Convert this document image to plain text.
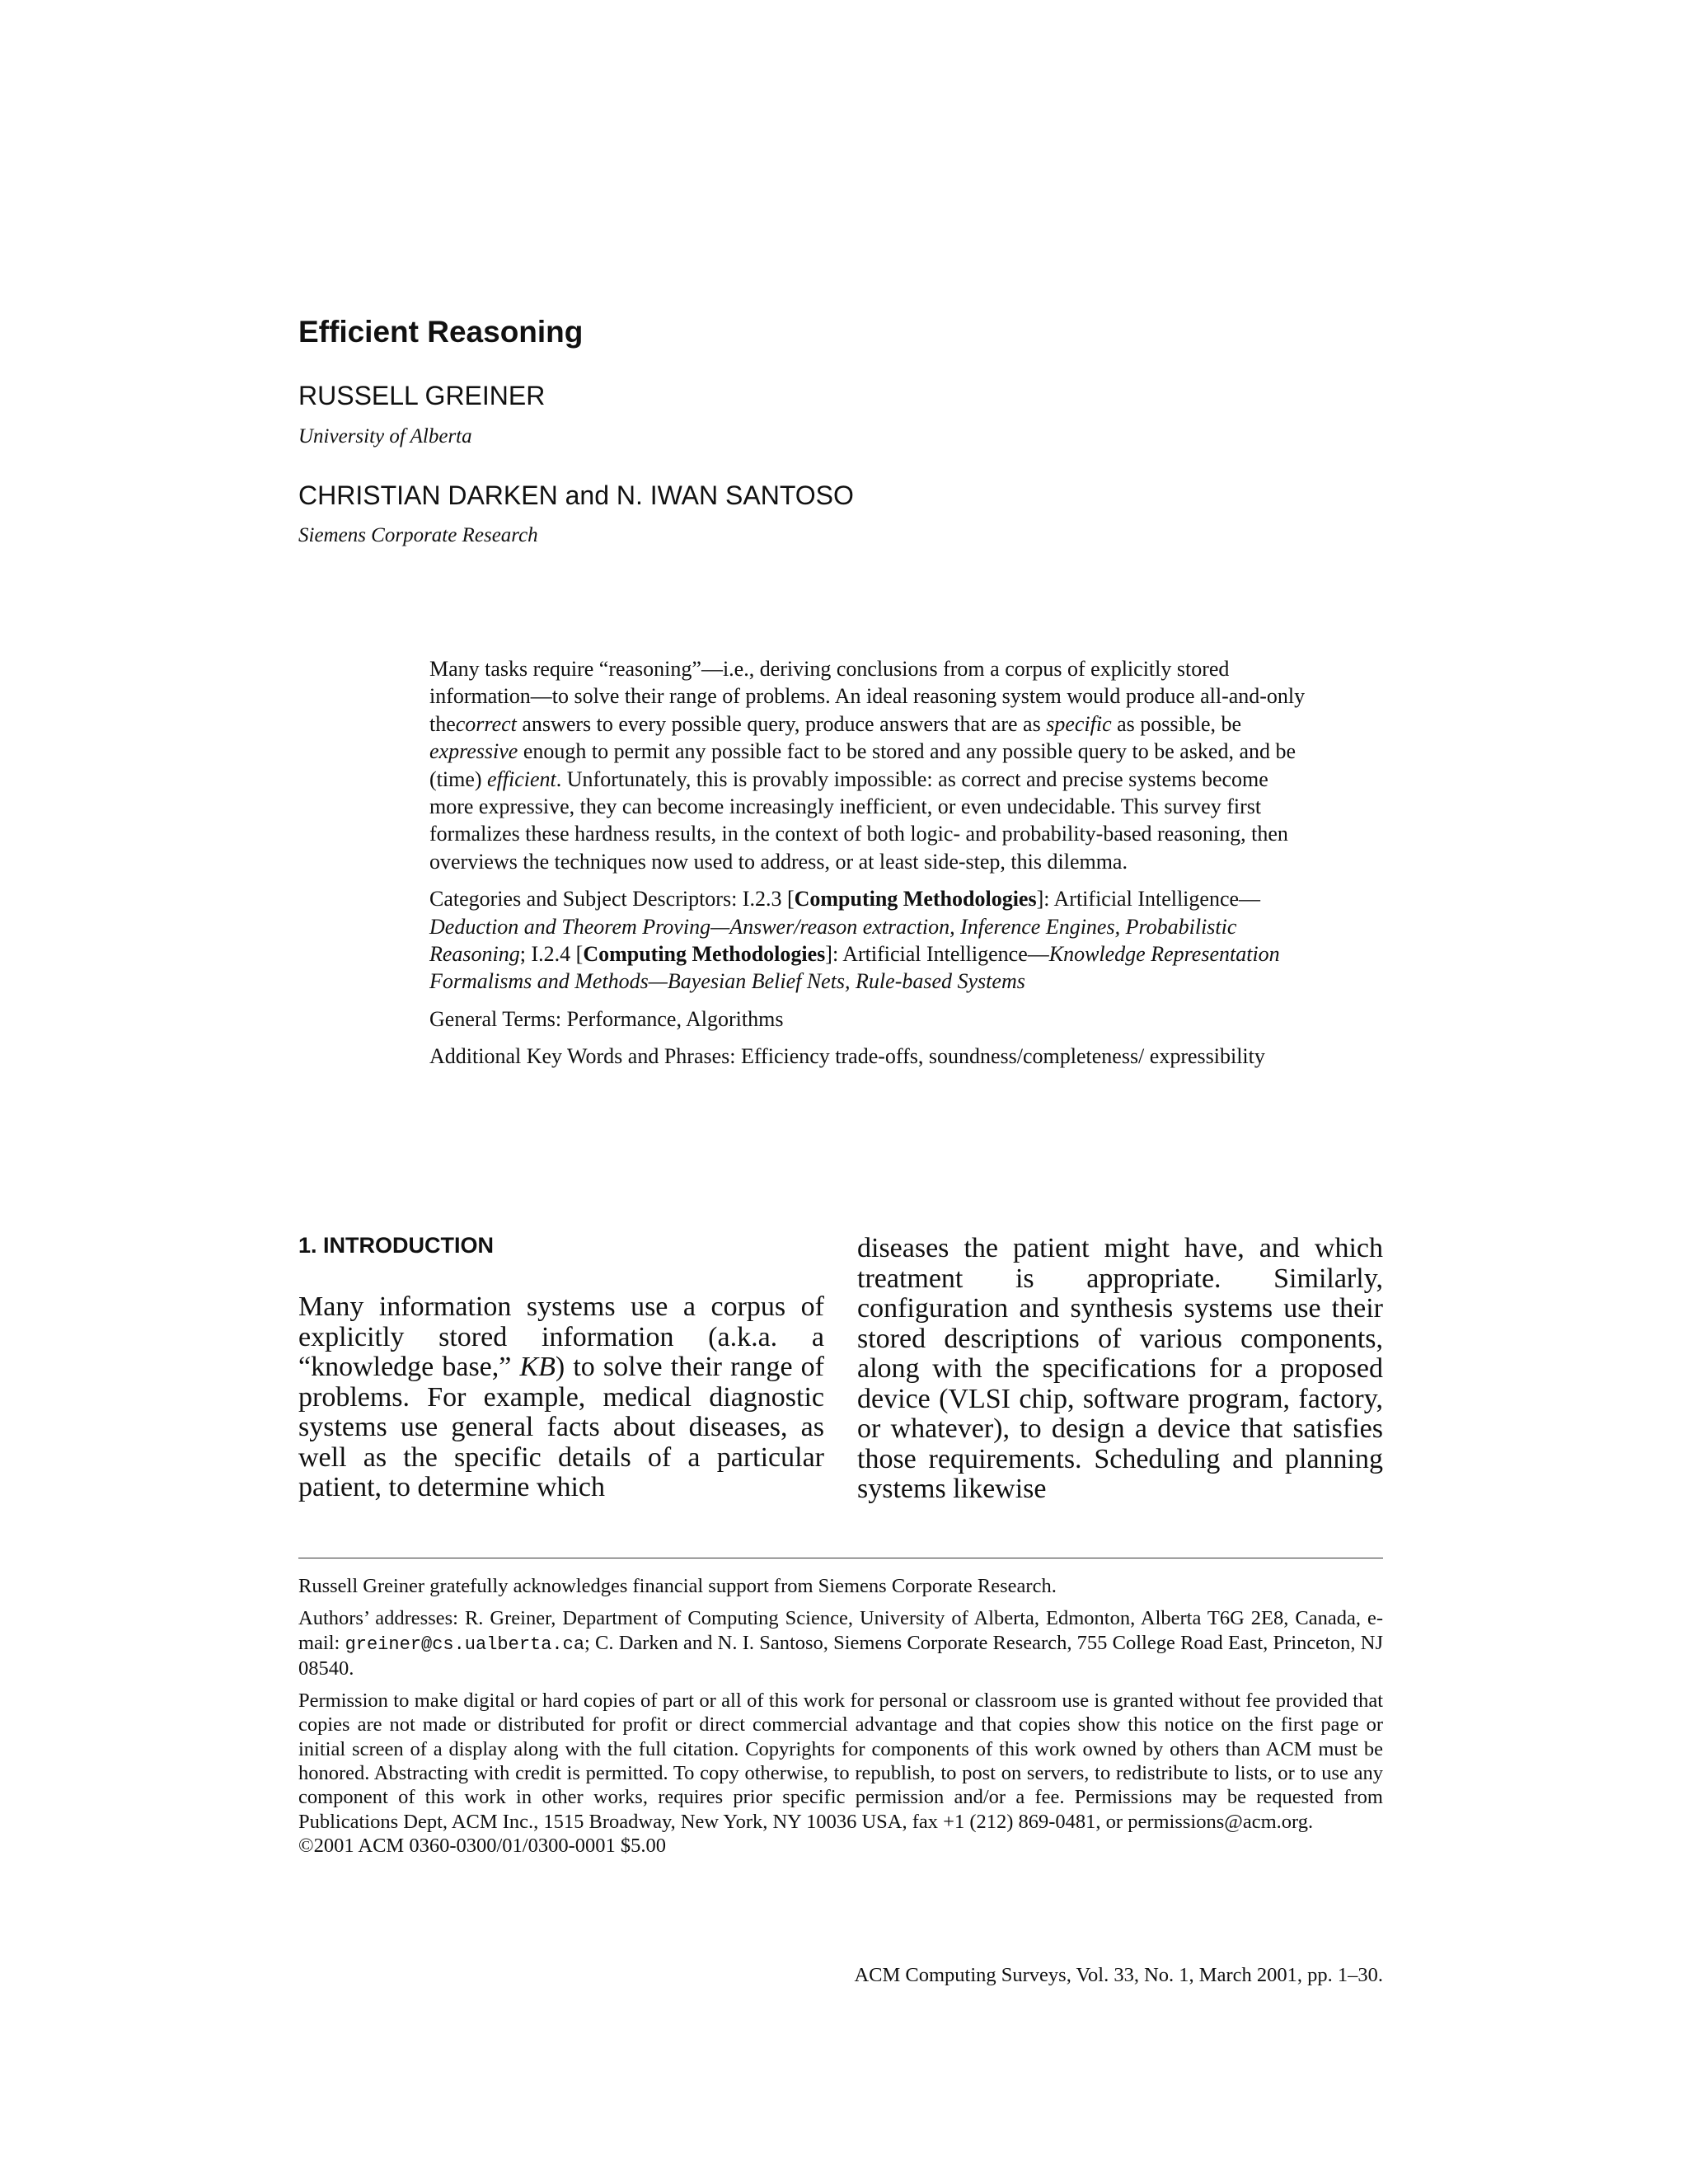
Efficient Reasoning

RUSSELL GREINER

University of Alberta

CHRISTIAN DARKEN and N. IWAN SANTOSO

Siemens Corporate Research

Many tasks require “reasoning”—i.e., deriving conclusions from a corpus of explicitly stored information—to solve their range of problems. An ideal reasoning system would produce all-and-only thecorrect answers to every possible query, produce answers that are as specific as possible, be expressive enough to permit any possible fact to be stored and any possible query to be asked, and be (time) efficient. Unfortunately, this is provably impossible: as correct and precise systems become more expressive, they can become increasingly inefficient, or even undecidable. This survey first formalizes these hardness results, in the context of both logic- and probability-based reasoning, then overviews the techniques now used to address, or at least side-step, this dilemma.

Categories and Subject Descriptors: I.2.3 [Computing Methodologies]: Artificial Intelligence—Deduction and Theorem Proving—Answer/reason extraction, Inference Engines, Probabilistic Reasoning; I.2.4 [Computing Methodologies]: Artificial Intelligence—Knowledge Representation Formalisms and Methods—Bayesian Belief Nets, Rule-based Systems

General Terms: Performance, Algorithms

Additional Key Words and Phrases: Efficiency trade-offs, soundness/completeness/ expressibility

1. INTRODUCTION

Many information systems use a corpus of explicitly stored information (a.k.a. a “knowledge base,” KB) to solve their range of problems. For example, medical diagnostic systems use general facts about diseases, as well as the specific details of a particular patient, to determine which

diseases the patient might have, and which treatment is appropriate. Similarly, configuration and synthesis systems use their stored descriptions of various components, along with the specifications for a proposed device (VLSI chip, software program, factory, or whatever), to design a device that satisfies those requirements. Scheduling and planning systems likewise

Russell Greiner gratefully acknowledges financial support from Siemens Corporate Research.

Authors’ addresses: R. Greiner, Department of Computing Science, University of Alberta, Edmonton, Alberta T6G 2E8, Canada, e-mail: greiner@cs.ualberta.ca; C. Darken and N. I. Santoso, Siemens Corporate Research, 755 College Road East, Princeton, NJ 08540.

Permission to make digital or hard copies of part or all of this work for personal or classroom use is granted without fee provided that copies are not made or distributed for profit or direct commercial advantage and that copies show this notice on the first page or initial screen of a display along with the full citation. Copyrights for components of this work owned by others than ACM must be honored. Abstracting with credit is permitted. To copy otherwise, to republish, to post on servers, to redistribute to lists, or to use any component of this work in other works, requires prior specific permission and/or a fee. Permissions may be requested from Publications Dept, ACM Inc., 1515 Broadway, New York, NY 10036 USA, fax +1 (212) 869-0481, or permissions@acm.org.

©2001 ACM 0360-0300/01/0300-0001 $5.00

ACM Computing Surveys, Vol. 33, No. 1, March 2001, pp. 1–30.
